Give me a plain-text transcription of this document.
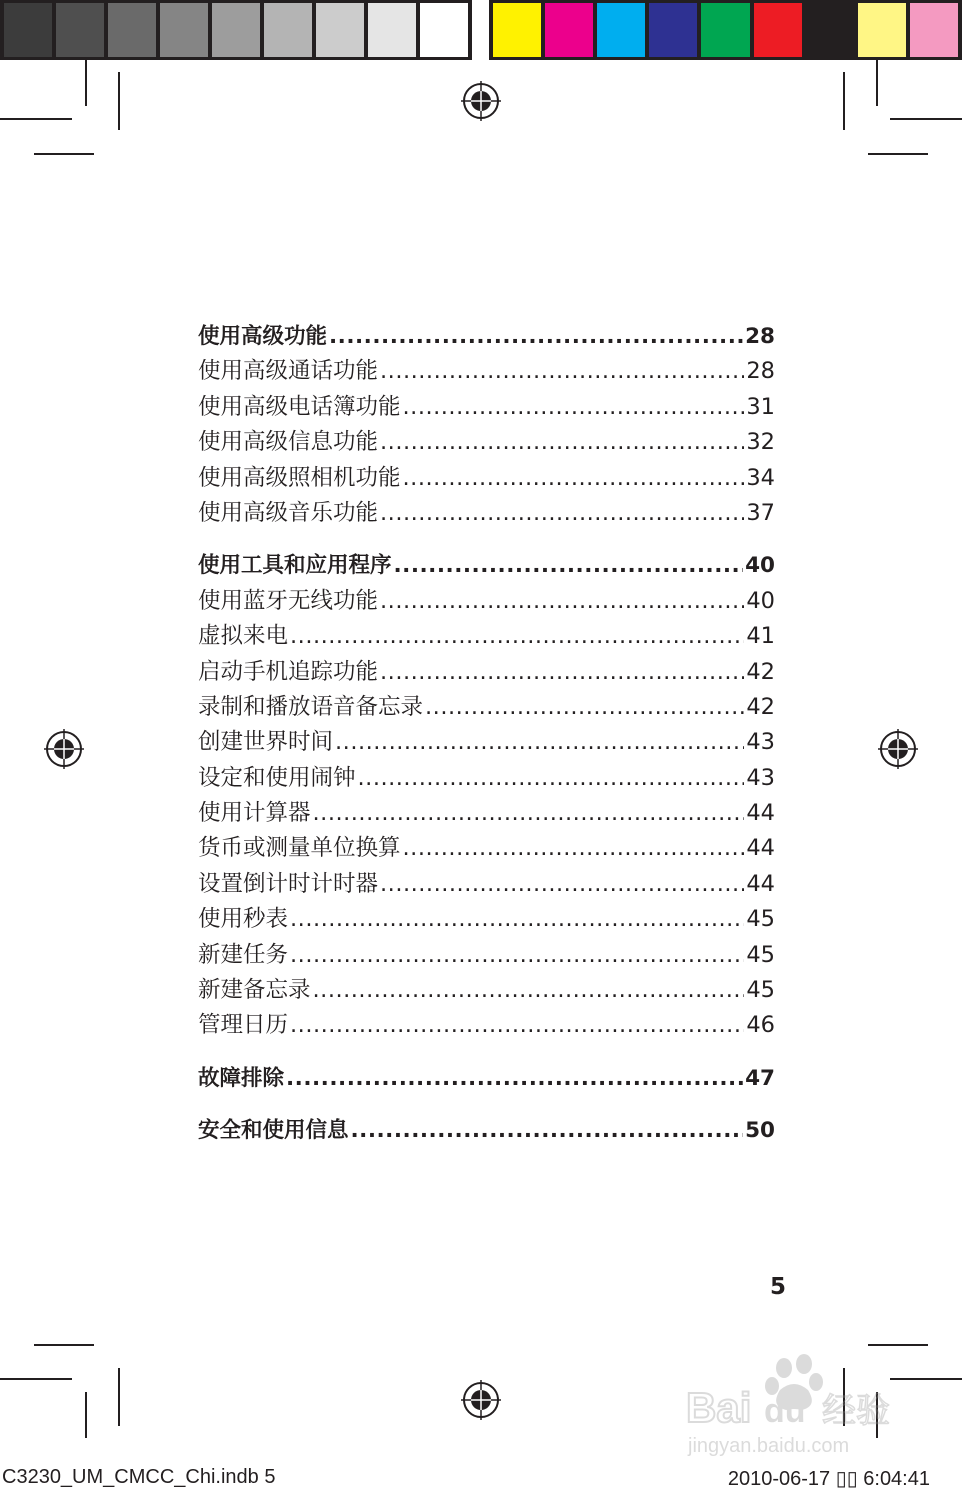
使用高级功能 .....	28
使用高级通话功能 .....	28
使用高级电话簿功能 .....	31
使用高级信息功能 .....	32
使用高级照相机功能 .....	34
使用高级音乐功能 .....	37
使用工具和应用程序 .....	40
使用蓝牙无线功能 .....	40
虚拟来电 .....	41
启动手机追踪功能 .....	42
录制和播放语音备忘录 .....	42
创建世界时间 .....	43
设定和使用闹钟 .....	43
使用计算器 .....	44
货币或测量单位换算 .....	44
设置倒计时计时器 .....	44
使用秒表 .....	45
新建任务 .....	45
新建备忘录 .....	45
管理日历 .....	46
故障排除 .....	47
安全和使用信息 .....	50
5
Bai du 经验
jingyan.baidu.com
C3230_UM_CMCC_Chi.indb 5	2010-06-17 ▯▯ 6:04:41
